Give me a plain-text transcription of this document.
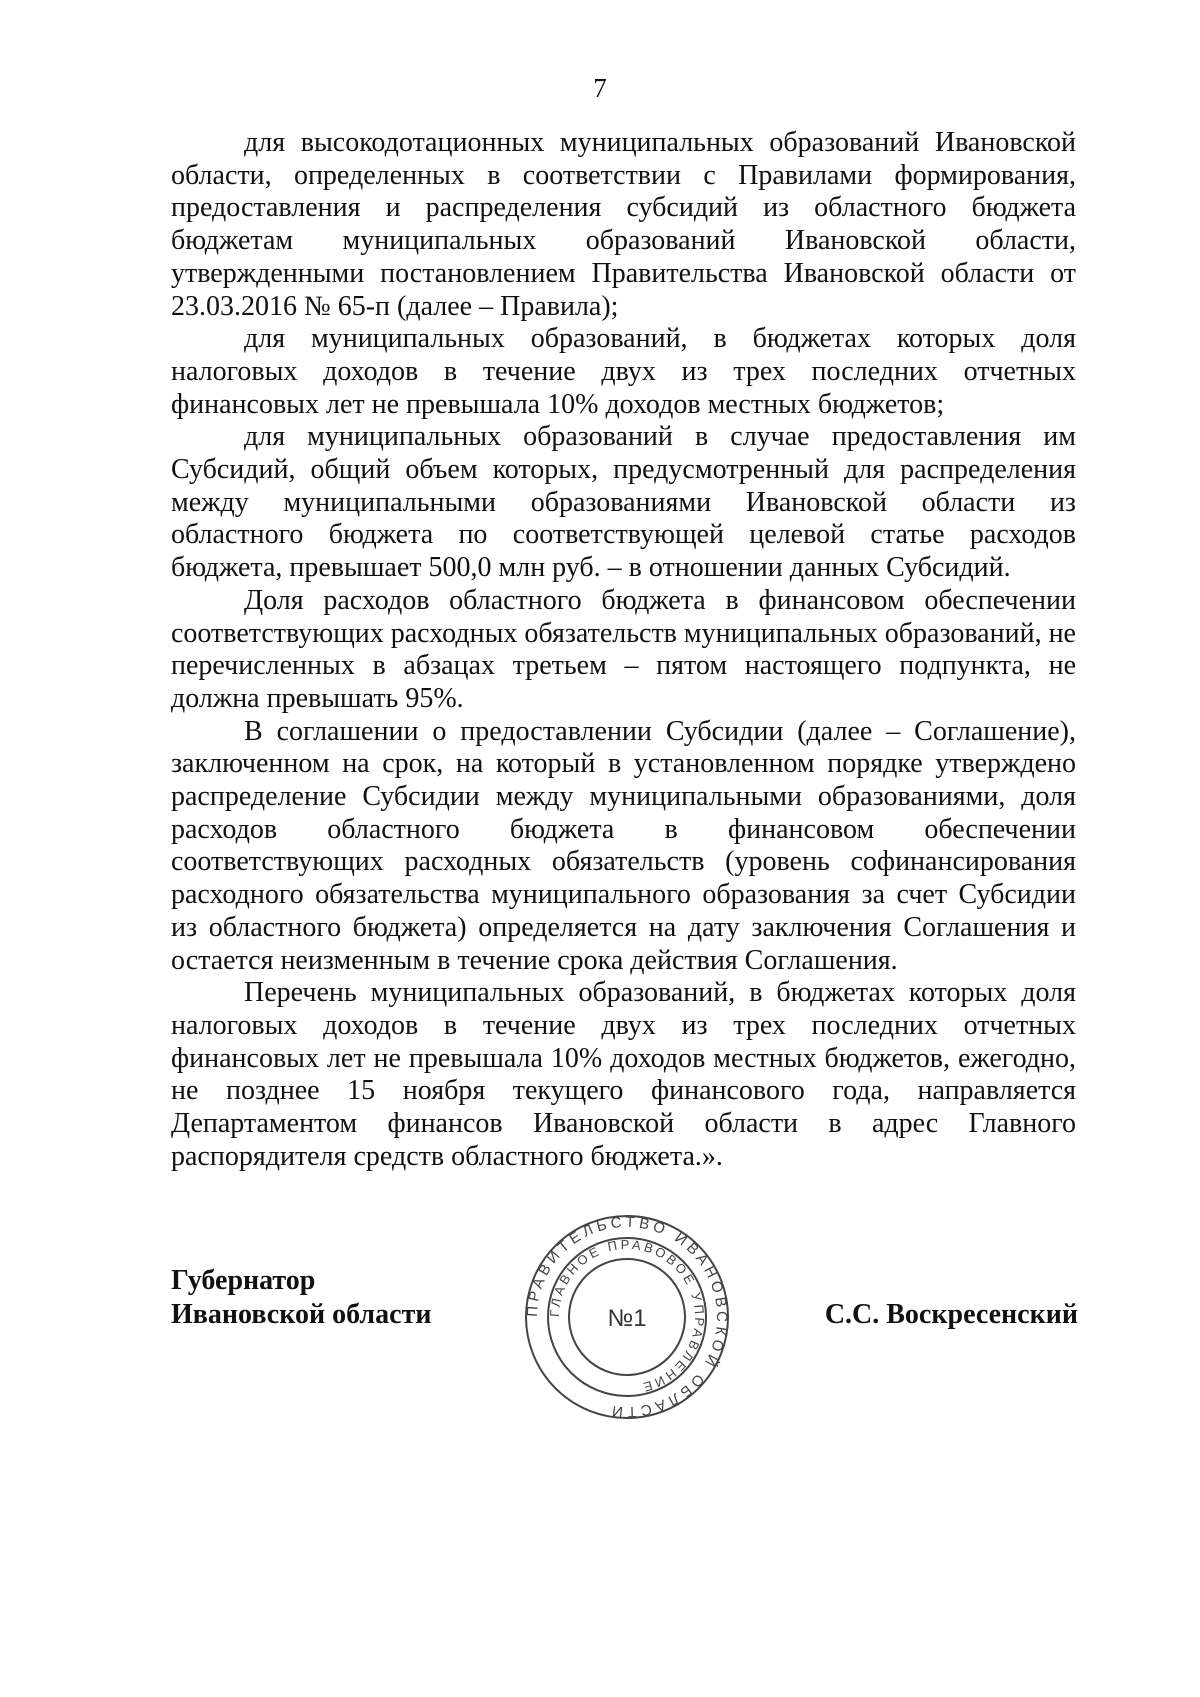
7

для высокодотационных муниципальных образований Ивановской области, определенных в соответствии с Правилами формирования, предоставления и распределения субсидий из областного бюджета бюджетам муниципальных образований Ивановской области, утвержденными постановлением Правительства Ивановской области от 23.03.2016 № 65-п (далее – Правила);

для муниципальных образований, в бюджетах которых доля налоговых доходов в течение двух из трех последних отчетных финансовых лет не превышала 10% доходов местных бюджетов;

для муниципальных образований в случае предоставления им Субсидий, общий объем которых, предусмотренный для распределения между муниципальными образованиями Ивановской области из областного бюджета по соответствующей целевой статье расходов бюджета, превышает 500,0 млн руб. – в отношении данных Субсидий.

Доля расходов областного бюджета в финансовом обеспечении соответствующих расходных обязательств муниципальных образований, не перечисленных в абзацах третьем – пятом настоящего подпункта, не должна превышать 95%.

В соглашении о предоставлении Субсидии (далее – Соглашение), заключенном на срок, на который в установленном порядке утверждено распределение Субсидии между муниципальными образованиями, доля расходов областного бюджета в финансовом обеспечении соответствующих расходных обязательств (уровень софинансирования расходного обязательства муниципального образования за счет Субсидии из областного бюджета) определяется на дату заключения Соглашения и остается неизменным в течение срока действия Соглашения.

Перечень муниципальных образований, в бюджетах которых доля налоговых доходов в течение двух из трех последних отчетных финансовых лет не превышала 10% доходов местных бюджетов, ежегодно, не позднее 15 ноября текущего финансового года, направляется Департаментом финансов Ивановской области в адрес Главного распорядителя средств областного бюджета.».

Губернатор
Ивановской области	С.С. Воскресенский
ПРАВИТЕЛЬСТВО ИВАНОВСКОЙ ОБЛАСТИ
ГЛАВНОЕ ПРАВОВОЕ УПРАВЛЕНИЕ
№1
